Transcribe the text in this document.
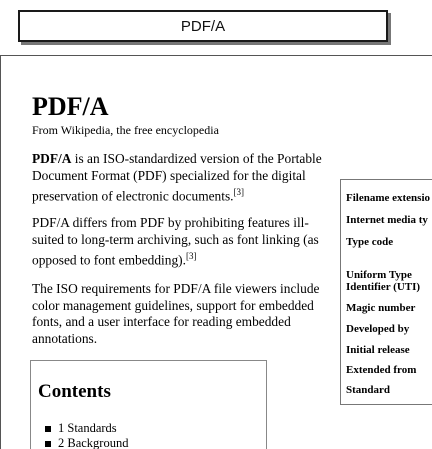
PDF/A
PDF/A
From Wikipedia, the free encyclopedia

PDF/A is an ISO-standardized version of the Portable Document Format (PDF) specialized for the digital preservation of electronic documents.[3]

PDF/A differs from PDF by prohibiting features ill-suited to long-term archiving, such as font linking (as opposed to font embedding).[3]

The ISO requirements for PDF/A file viewers include color management guidelines, support for embedded fonts, and a user interface for reading embedded annotations.

Filename extensio
Internet media ty
Type code
Uniform Type
Identifier (UTI)
Magic number
Developed by
Initial release
Extended from
Standard
Contents
1 Standards
2 Background
